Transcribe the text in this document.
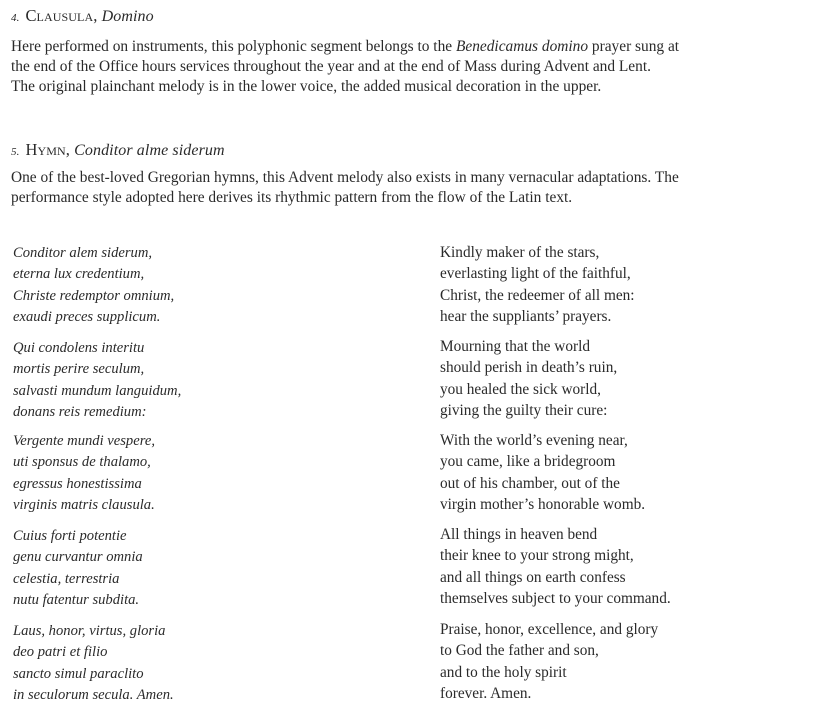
4. Clausula, Domino

Here performed on instruments, this polyphonic segment belongs to the Benedicamus domino prayer sung at
the end of the Office hours services throughout the year and at the end of Mass during Advent and Lent.
The original plainchant melody is in the lower voice, the added musical decoration in the upper.

5. Hymn, Conditor alme siderum

One of the best-loved Gregorian hymns, this Advent melody also exists in many vernacular adaptations. The
performance style adopted here derives its rhythmic pattern from the flow of the Latin text.

Conditor alem siderum,
eterna lux credentium,
Christe redemptor omnium,
exaudi preces supplicum.
Kindly maker of the stars,
everlasting light of the faithful,
Christ, the redeemer of all men:
hear the suppliants’ prayers.
Qui condolens interitu
mortis perire seculum,
salvasti mundum languidum,
donans reis remedium:
Mourning that the world
should perish in death’s ruin,
you healed the sick world,
giving the guilty their cure:
Vergente mundi vespere,
uti sponsus de thalamo,
egressus honestissima
virginis matris clausula.
With the world’s evening near,
you came, like a bridegroom
out of his chamber, out of the
virgin mother’s honorable womb.
Cuius forti potentie
genu curvantur omnia
celestia, terrestria
nutu fatentur subdita.
All things in heaven bend
their knee to your strong might,
and all things on earth confess
themselves subject to your command.
Laus, honor, virtus, gloria
deo patri et filio
sancto simul paraclito
in seculorum secula. Amen.
Praise, honor, excellence, and glory
to God the father and son,
and to the holy spirit
forever. Amen.
